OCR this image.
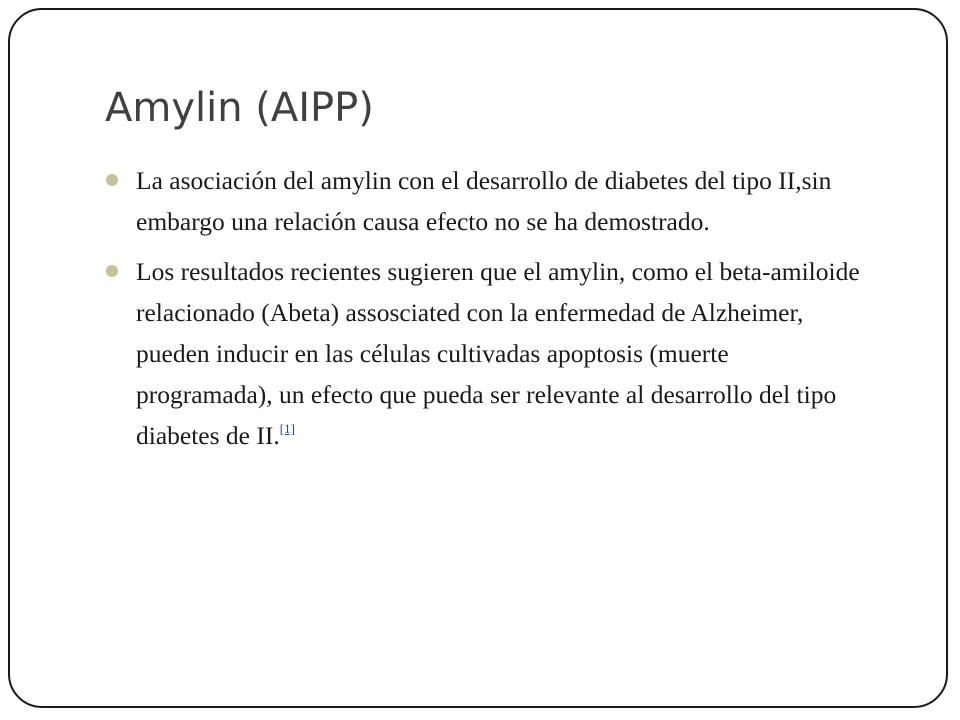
Amylin (AIPP)
La asociación del amylin con el desarrollo de diabetes del tipo II,sin embargo una relación causa efecto no se ha demostrado.
Los resultados recientes sugieren que el amylin, como el beta-amiloide relacionado (Abeta) assosciated con la enfermedad de Alzheimer, pueden inducir en las células cultivadas apoptosis (muerte programada), un efecto que pueda ser relevante al desarrollo del tipo diabetes de II.[1]
